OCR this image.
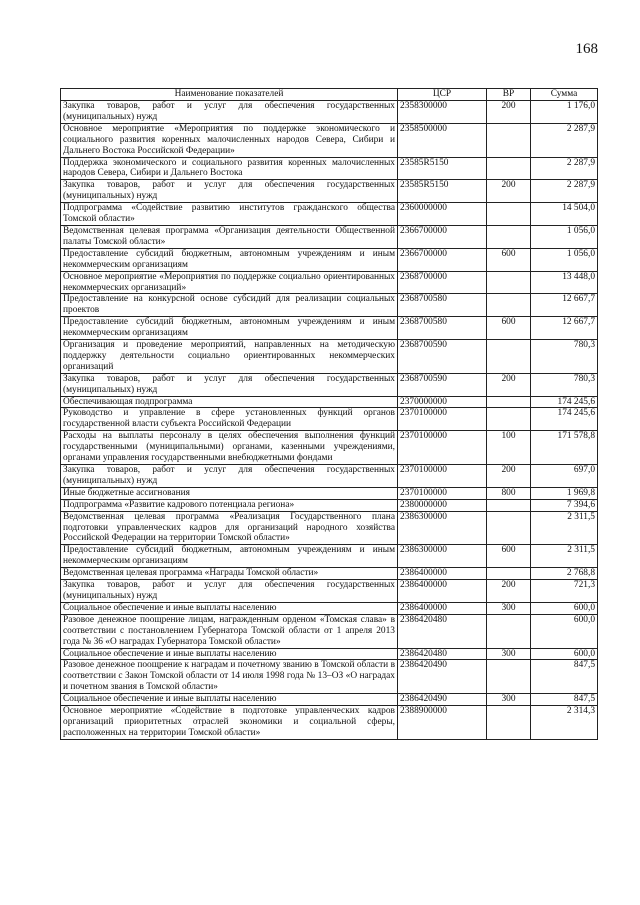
168
Наименование показателей	ЦСР	ВР	Сумма
Закупка товаров, работ и услуг для обеспечения государственных (муниципальных) нужд	2358300000	200	1 176,0
Основное мероприятие «Мероприятия по поддержке экономического и социального развития коренных малочисленных народов Севера, Сибири и Дальнего Востока Российской Федерации»	2358500000		2 287,9
Поддержка экономического и социального развития коренных малочисленных народов Севера, Сибири и Дальнего Востока	23585R5150		2 287,9
Закупка товаров, работ и услуг для обеспечения государственных (муниципальных) нужд	23585R5150	200	2 287,9
Подпрограмма «Содействие развитию институтов гражданского общества Томской области»	2360000000		14 504,0
Ведомственная целевая программа «Организация деятельности Общественной палаты Томской области»	2366700000		1 056,0
Предоставление субсидий бюджетным, автономным учреждениям и иным некоммерческим организациям	2366700000	600	1 056,0
Основное мероприятие «Мероприятия по поддержке социально ориентированных некоммерческих организаций»	2368700000		13 448,0
Предоставление на конкурсной основе субсидий для реализации социальных проектов	2368700580		12 667,7
Предоставление субсидий бюджетным, автономным учреждениям и иным некоммерческим организациям	2368700580	600	12 667,7
Организация и проведение мероприятий, направленных на методическую поддержку деятельности социально ориентированных некоммерческих организаций	2368700590		780,3
Закупка товаров, работ и услуг для обеспечения государственных (муниципальных) нужд	2368700590	200	780,3
Обеспечивающая подпрограмма	2370000000		174 245,6
Руководство и управление в сфере установленных функций органов государственной власти субъекта Российской Федерации	2370100000		174 245,6
Расходы на выплаты персоналу в целях обеспечения выполнения функций государственными (муниципальными) органами, казенными учреждениями, органами управления государственными внебюджетными фондами	2370100000	100	171 578,8
Закупка товаров, работ и услуг для обеспечения государственных (муниципальных) нужд	2370100000	200	697,0
Иные бюджетные ассигнования	2370100000	800	1 969,8
Подпрограмма «Развитие кадрового потенциала региона»	2380000000		7 394,6
Ведомственная целевая программа «Реализация Государственного плана подготовки управленческих кадров для организаций народного хозяйства Российской Федерации на территории Томской области»	2386300000		2 311,5
Предоставление субсидий бюджетным, автономным учреждениям и иным некоммерческим организациям	2386300000	600	2 311,5
Ведомственная целевая программа «Награды Томской области»	2386400000		2 768,8
Закупка товаров, работ и услуг для обеспечения государственных (муниципальных) нужд	2386400000	200	721,3
Социальное обеспечение и иные выплаты населению	2386400000	300	600,0
Разовое денежное поощрение лицам, награжденным орденом «Томская слава» в соответствии с постановлением Губернатора Томской области от 1 апреля 2013 года № 36 «О наградах Губернатора Томской области»	2386420480		600,0
Социальное обеспечение и иные выплаты населению	2386420480	300	600,0
Разовое денежное поощрение к наградам и почетному званию в Томской области в соответствии с Закон Томской области от 14 июля 1998 года № 13–ОЗ «О наградах и почетном звания в Томской области»	2386420490		847,5
Социальное обеспечение и иные выплаты населению	2386420490	300	847,5
Основное мероприятие «Содействие в подготовке управленческих кадров организаций приоритетных отраслей экономики и социальной сферы, расположенных на территории Томской области»	2388900000		2 314,3
